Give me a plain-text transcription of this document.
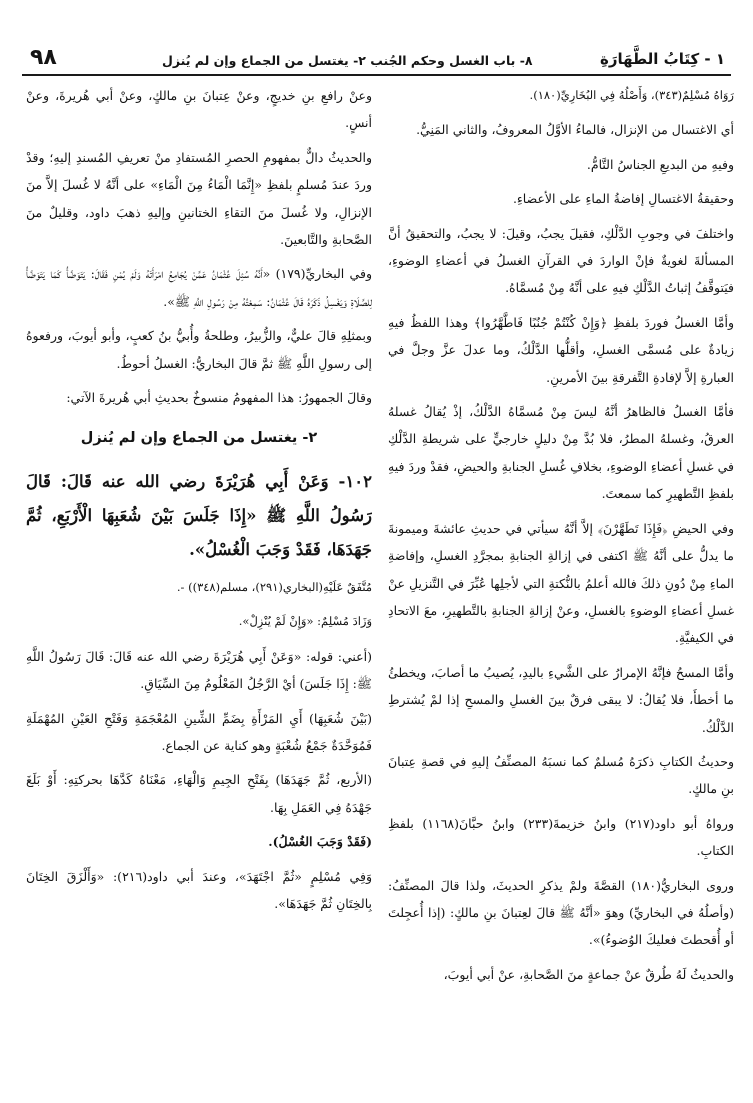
٩٨	٨- باب الغسل وحكم الجُنب ٢- يغتسل من الجماع وإن لم يُنزل	١ - كِتَابُ الطَّهَارَةِ

رَوَاهُ مُسْلِمٌ(٣٤٣)، وَأَصْلُهُ فِي البُخَارِيِّ(١٨٠).

أي الاغتسال من الإنزال، فالماءُ الأوَّلُ المعروفُ، والثاني المَنِيُّ.

وفيهِ من البديعِ الجناسُ التَّامُّ.

وحقيقةُ الاغتسالِ إفاضةُ الماءِ على الأعضاءِ.

واختلفَ في وجوبِ الدَّلْكِ، فقيلَ يجبُ، وقيلَ: لا يجبُ، والتحقيقُ أنَّ المسألةَ لغويةٌ فإنْ الواردَ في القرآنِ الغسلُ في أعضاءِ الوضوءِ، فيَتوقَّفُ إثباتُ الدَّلْكِ فيهِ على أنَّهُ مِنْ مُسمَّاهُ.

وأمَّا الغسلُ فوردَ بلفظِ ﴿وَإِنْ كُنْتُمْ جُنُبًا فَاطَّهَّرُوا﴾ وهذا اللفظُ فيهِ زيادةٌ على مُسمَّى الغسلِ، وأقلُّها الدَّلْكُ، وما عدلَ عزَّ وجلَّ في العبارةِ إلاَّ لإفادةِ التَّفرقةِ بينَ الأمرينِ.

فأمَّا الغسلُ فالظاهرُ أنَّهُ ليسَ مِنْ مُسمَّاهُ الدَّلْكُ، إذْ يُقالُ غسلهُ العرقُ، وغسلهُ المطرُ، فلا بُدَّ مِنْ دليلٍ خارجيٍّ على شريطةِ الدَّلْكِ في غسلِ أعضاءِ الوضوءِ، بخلافِ غُسلِ الجنابةِ والحيضِ، فقدْ وردَ فيهِ بلفظِ التَّطهيرِ كما سمعتَ.

وفي الحيضِ ﴿فَإِذَا تَطَهَّرْنَ﴾ إلاَّ أنَّهُ سيأتي في حديثِ عائشةَ وميمونةَ ما يدلُّ على أنَّهُ ﷺ اكتفى في إزالةِ الجنابةِ بمجرَّدِ الغسلِ، وإفاضةِ الماءِ مِنْ دُونِ ذلكَ فالله أعلمُ بالنُّكتةِ التي لأجلِها عُبِّرَ في التَّنزيلِ عنْ غسلِ أعضاءِ الوضوءِ بالغسلِ، وعنْ إزالةِ الجنابةِ بالتَّطهيرِ، معَ الاتحادِ في الكيفيَّةِ.

وأمَّا المسحُ فإنَّهُ الإمرارُ على الشَّيءِ باليدِ، يُصيبُ ما أصابَ، ويخطئُ ما أخطأَ، فلا يُقالُ: لا يبقى فرقٌ بينَ الغسلِ والمسحِ إذا لمْ يُشترطِ الدَّلْكُ.

وحديثُ الكتابِ ذكرَهُ مُسلمٌ كما نسبَهُ المصنِّفُ إليهِ في قصةِ عِتبانَ بنِ مالكٍ.

ورواهُ أبو داود(٢١٧) وابنُ خزيمةَ(٢٣٣) وابنُ حبَّانَ(١١٦٨) بلفظِ الكتابِ.

وروى البخاريُّ(١٨٠) القصَّةَ ولمْ يذكرِ الحديثَ، ولذا قالَ المصنِّفُ: (وأصلُهُ في البخاريِّ) وهوَ «أنَّهُ ﷺ قالَ لعِتبانَ بنِ مالكٍ: (إذا أُعجِلتَ أو أُقحطتَ فعليكَ الوُضوءُ)».

والحديثُ لَهُ طُرقٌ عنْ جماعةٍ منَ الصَّحابةِ، عنْ أبي أيوبَ،

وعنْ رافعِ بنِ خديجٍ، وعنْ عِتبانَ بنِ مالكٍ، وعنْ أبي هُريرةَ، وعنْ أنسٍ.

والحديثُ دالٌّ بمفهومِ الحصرِ المُستفادِ منْ تعريفِ المُسندِ إليهِ؛ وقدْ وردَ عندَ مُسلمٍ بلفظِ «إِنَّمَا الْمَاءُ مِنَ الْمَاءِ» على أنَّهُ لا غُسلَ إلاَّ منَ الإنزالِ، ولا غُسلَ منَ التقاءِ الختانينِ وإليهِ ذهبَ داود، وقليلٌ منَ الصَّحابةِ والتَّابعينَ.

وفي البخاريِّ(١٧٩) «أَنَّهُ سُئِلَ عُثْمَانُ عَمَّنْ يُجَامِعُ امْرَأَتَهُ وَلَمْ يُمْنِ فَقَالَ: يَتَوَضَّأُ كَمَا يَتَوَضَّأُ لِلصَّلَاةِ وَيَغْسِلُ ذَكَرَهُ قَالَ عُثْمَانُ: سَمِعْتُهُ مِنْ رَسُولِ اللَّهِ ﷺ».

وبمثلِهِ قالَ عليٌّ، والزُّبيرُ، وطلحةُ وأُبيُّ بنُ كعبٍ، وأبو أيوبَ، ورفعوهُ إلى رسولِ اللَّهِ ﷺ ثمَّ قالَ البخاريُّ: الغسلُ أحوطُ.

وقالَ الجمهورُ: هذا المفهومُ منسوخٌ بحديثِ أبي هُريرةَ الآتي:

٢- يغتسل من الجماع وإن لم يُنزل

١٠٢- وَعَنْ أَبِي هُرَيْرَةَ رضي الله عنه قَالَ: قَالَ رَسُولُ اللَّهِ ﷺ «إِذَا جَلَسَ بَيْنَ شُعَبِهَا الْأَرْبَعِ، ثُمَّ جَهَدَهَا، فَقَدْ وَجَبَ الْغُسْلُ».

مُتَّفَقٌ عَلَيْهِ(البخاري(٢٩١)، مسلم(٣٤٨)) -.

وَزَادَ مُسْلِمٌ: «وَإِنْ لَمْ يُنْزِلْ».

(أعني: قوله: «وَعَنْ أَبِي هُرَيْرَةَ رضي الله عنه قَالَ: قَالَ رَسُولُ اللَّهِ ﷺ: إِذَا جَلَسَ) أيْ الرَّجُلُ المَعْلُومُ مِنَ السِّيَاقِ.

(بَيْنَ شُعَبِهَا) أَيِ المَرْأَةِ بِضَمِّ الشِّينِ المُعْجَمَةِ وَفَتْحِ العَيْنِ المُهْمَلَةِ فَمُوَحَّدَةٌ جَمْعُ شُعْبَةٍ وهو كناية عن الجماع.

(الأربع، ثُمَّ جَهَدَهَا) بِفَتْحِ الجِيمِ وَالْهَاءِ، مَعْنَاهُ كَدَّهَا بحركتِهِ: أَوْ بَلَغَ جَهْدَهُ فِي العَمَلِ بِهَا.

(فَقَدْ وَجَبَ الغُسْلُ).

وَفِي مُسْلِمٍ «ثُمَّ اجْتَهَدَ»، وعندَ أبي داود(٢١٦): «وَأَلْزَقَ الخِتَانَ بِالخِتَانِ ثُمَّ جَهَدَهَا».
